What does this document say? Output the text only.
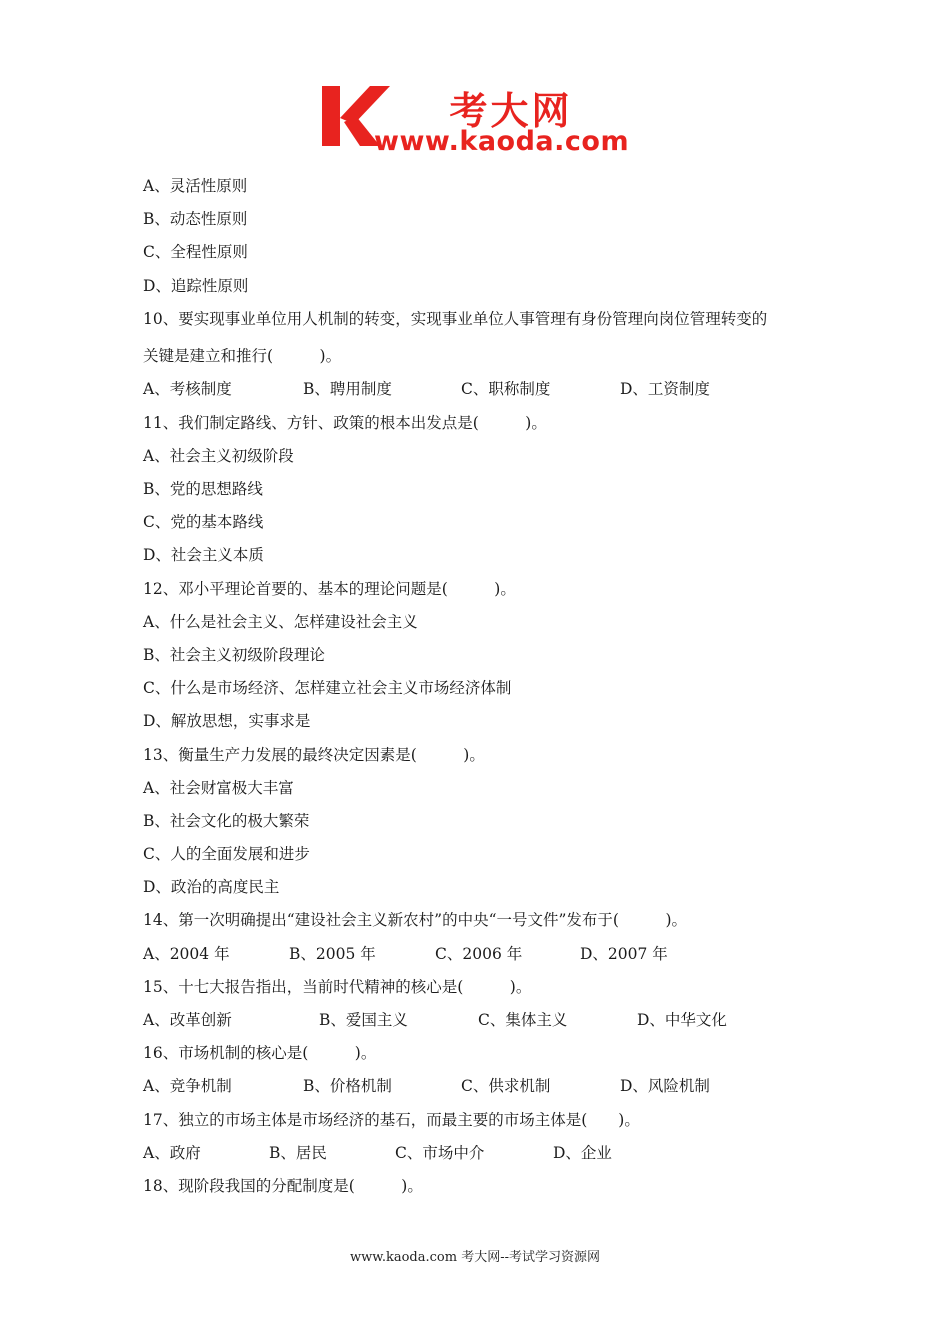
考大网
www.kaoda.com
A、灵活性原则
B、动态性原则
C、全程性原则
D、追踪性原则
10、要实现事业单位用人机制的转变，实现事业单位人事管理有身份管理向岗位管理转变的
关键是建立和推行(　　　)。
A、考核制度	B、聘用制度	C、职称制度	D、工资制度
11、我们制定路线、方针、政策的根本出发点是(　　　)。
A、社会主义初级阶段
B、党的思想路线
C、党的基本路线
D、社会主义本质
12、邓小平理论首要的、基本的理论问题是(　　　)。
A、什么是社会主义、怎样建设社会主义
B、社会主义初级阶段理论
C、什么是市场经济、怎样建立社会主义市场经济体制
D、解放思想，实事求是
13、衡量生产力发展的最终决定因素是(　　　)。
A、社会财富极大丰富
B、社会文化的极大繁荣
C、人的全面发展和进步
D、政治的高度民主
14、第一次明确提出“建设社会主义新农村”的中央“一号文件”发布于(　　　)。
A、2004 年	B、2005 年	C、2006 年	D、2007 年
15、十七大报告指出，当前时代精神的核心是(　　　)。
A、改革创新	B、爱国主义	C、集体主义	D、中华文化
16、市场机制的核心是(　　　)。
A、竞争机制	B、价格机制	C、供求机制	D、风险机制
17、独立的市场主体是市场经济的基石，而最主要的市场主体是(　　)。
A、政府	B、居民	C、市场中介	D、企业
18、现阶段我国的分配制度是(　　　)。
www.kaoda.com 考大网--考试学习资源网
